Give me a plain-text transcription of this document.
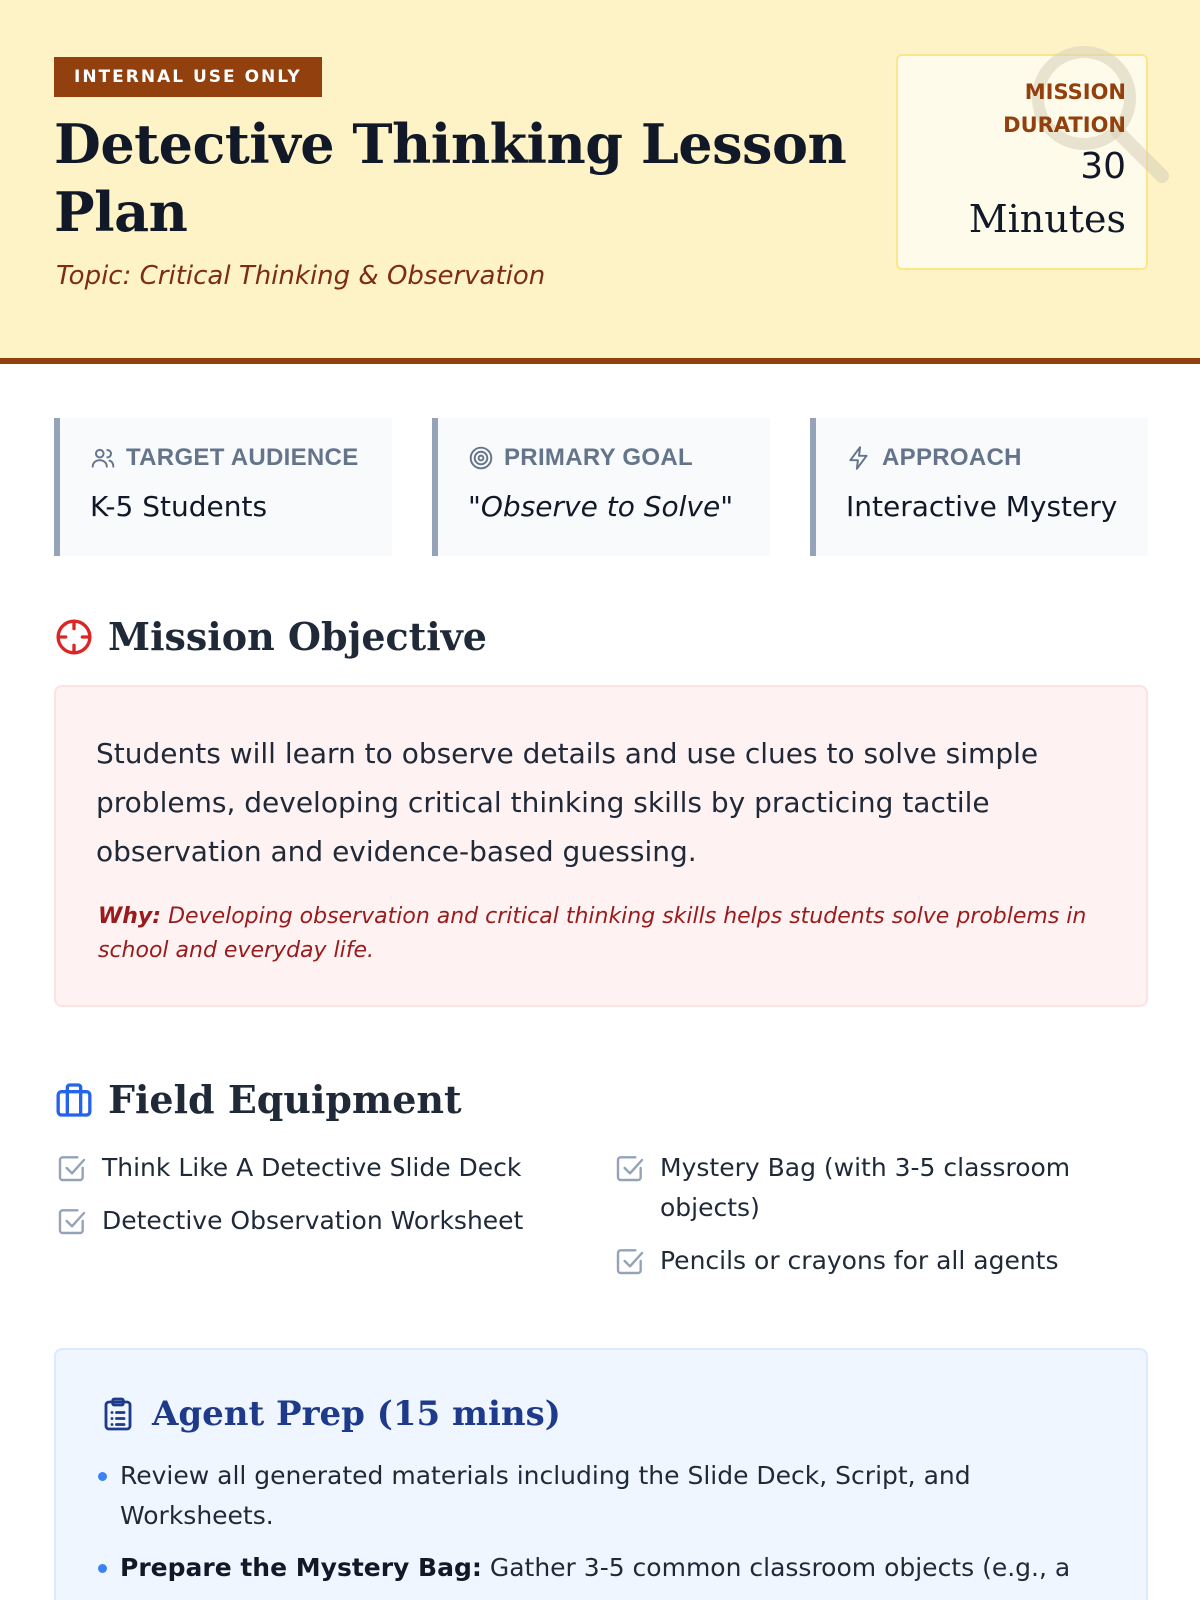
INTERNAL USE ONLY
Detective Thinking Lesson Plan
Topic: Critical Thinking & Observation
MISSION
DURATION
30
Minutes
TARGET AUDIENCE
K-5 Students
PRIMARY GOAL
"Observe to Solve"
APPROACH
Interactive Mystery
Mission Objective

Students will learn to observe details and use clues to solve simple problems, developing critical thinking skills by practicing tactile observation and evidence-based guessing.

Why: Developing observation and critical thinking skills helps students solve problems in school and everyday life.

Field Equipment
Think Like A Detective Slide Deck
Detective Observation Worksheet
Mystery Bag (with 3-5 classroom objects)
Pencils or crayons for all agents
Agent Prep (15 mins)
Review all generated materials including the Slide Deck, Script, and Worksheets.
Prepare the Mystery Bag: Gather 3-5 common classroom objects (e.g., a
